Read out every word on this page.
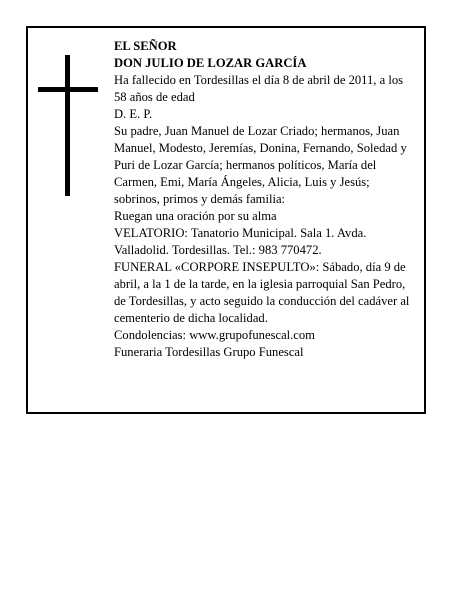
EL SEÑOR

DON JULIO DE LOZAR GARCÍA

Ha fallecido en Tordesillas el día 8 de abril de 2011, a los 58 años de edad

D. E. P.

Su padre, Juan Manuel de Lozar Criado; hermanos, Juan Manuel, Modesto, Jeremías, Donina, Fernando, Soledad y Puri de Lozar García; hermanos políticos, María del Carmen, Emi, María Ángeles, Alicia, Luis y Jesús; sobrinos, primos y demás familia:

Ruegan una oración por su alma

VELATORIO: Tanatorio Municipal. Sala 1. Avda. Valladolid. Tordesillas. Tel.: 983 770472.

FUNERAL «CORPORE INSEPULTO»: Sábado, día 9 de abril, a la 1 de la tarde, en la iglesia parroquial San Pedro, de Tordesillas, y acto seguido la conducción del cadáver al cementerio de dicha localidad.

Condolencias: www.grupofunescal.com

Funeraria Tordesillas Grupo Funescal
